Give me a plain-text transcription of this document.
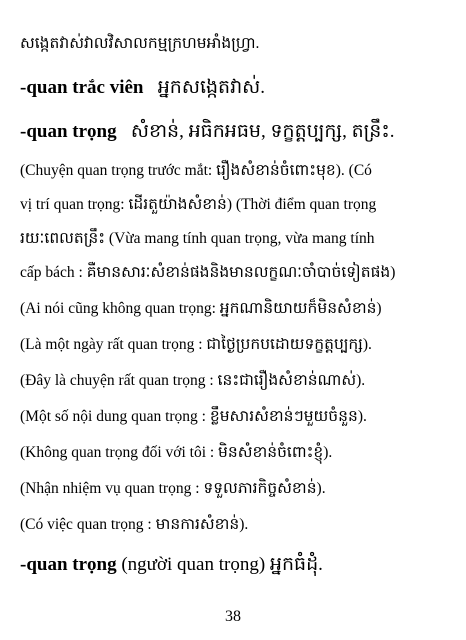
សង្កេតវាស់វាលវិសាលកម្មក្រហមអាំងហ្វ្រា.
-quan trắc viên អ្នកសង្កេតវាស់.
-quan trọng សំខាន់, អធិកអធម, ទក្ខត្តប្បក្ស, តន្រឹះ.
(Chuyện quan trọng trước mắt: រឿងសំខាន់ចំពោះមុខ). (Có
vị trí quan trọng: ដើរតួយ៉ាងសំខាន់) (Thời điểm quan trọng
រយៈពេលតន្រឹះ (Vừa mang tính quan trọng, vừa mang tính
cấp bách : គឺមានសារៈសំខាន់ផងនិងមានលក្ខណៈចាំបាច់ទៀតផង)
(Ai nói cũng không quan trọng: អ្នកណានិយាយក៏មិនសំខាន់)
(Là một ngày rất quan trọng : ជាថ្ងៃប្រកបដោយទក្ខត្តប្បក្ស).
(Đây là chuyện rất quan trọng : នេះជារឿងសំខាន់ណាស់).
(Một số nội dung quan trọng : ខ្លឹមសារសំខាន់ៗមួយចំនួន).
(Không quan trọng đối với tôi : មិនសំខាន់ចំពោះខ្ញុំ).
(Nhận nhiệm vụ quan trọng : ទទួលភារកិច្ចសំខាន់).
(Có việc quan trọng : មានការសំខាន់).
-quan trọng (người quan trọng) អ្នកធំដុំ.
38
